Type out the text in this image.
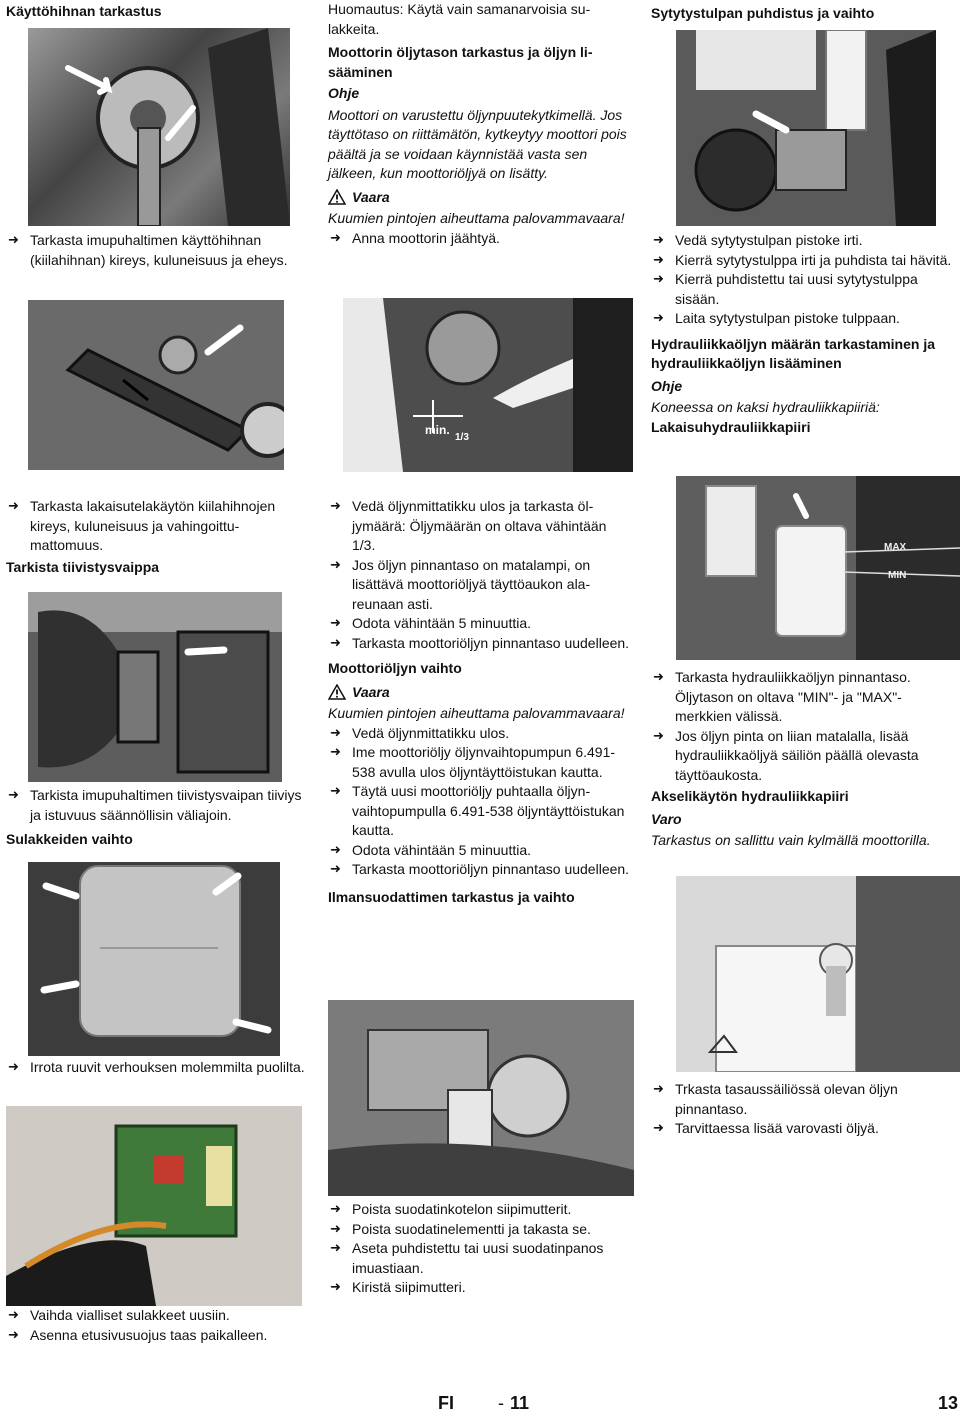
Käyttöhihnan tarkastus

➜ Tarkasta imupuhaltimen käyttöhihnan (kiilahihnan) kireys, kuluneisuus ja eheys.
➜ Tarkasta lakaisutelakäytön kiilahihnojen kireys, kuluneisuus ja vahingoittumattomuus.

Tarkista tiivistysvaippa

➜ Tarkista imupuhaltimen tiivistysvaipan tiiviys ja istuvuus säännöllisin väliajoin.

Sulakkeiden vaihto

➜ Irrota ruuvit verhouksen molemmilta puolilta.
➜ Vaihda vialliset sulakkeet uusiin.
➜ Asenna etusivusuojus taas paikalleen.

Huomautus: Käytä vain samanarvoisia sulakkeita.

Moottorin öljytason tarkastus ja öljyn lisääminen

Ohje

Moottori on varustettu öljynpuutekytkimellä. Jos täyttötaso on riittämätön, kytkeytyy moottori pois päältä ja se voidaan käynnistää vasta sen jälkeen, kun moottoriöljyä on lisätty.

Vaara

Kuumien pintojen aiheuttama palovammavaara!

➜ Anna moottorin jäähtyä.
min.
1/3
➜ Vedä öljynmittatikku ulos ja tarkasta öljymäärä: Öljymäärän on oltava vähintään 1/3.
➜ Jos öljyn pinnantaso on matalampi, on lisättävä moottoriöljyä täyttöaukon alareunaan asti.
➜ Odota vähintään 5 minuuttia.
➜ Tarkasta moottoriöljyn pinnantaso uudelleen.

Moottoriöljyn vaihto

Vaara

Kuumien pintojen aiheuttama palovammavaara!

➜ Vedä öljynmittatikku ulos.
➜ Ime moottoriöljy öljynvaihtopumpun 6.491-538 avulla ulos öljyntäyttöistukan kautta.
➜ Täytä uusi moottoriöljy puhtaalla öljynvaihtopumpulla 6.491-538 öljyntäyttöistukan kautta.
➜ Odota vähintään 5 minuuttia.
➜ Tarkasta moottoriöljyn pinnantaso uudelleen.

Ilmansuodattimen tarkastus ja vaihto

➜ Poista suodatinkotelon siipimutterit.
➜ Poista suodatinelementti ja takasta se.
➜ Aseta puhdistettu tai uusi suodatinpanos imuastiaan.
➜ Kiristä siipimutteri.

Sytytystulpan puhdistus ja vaihto

➜ Vedä sytytystulpan pistoke irti.
➜ Kierrä sytytystulppa irti ja puhdista tai hävitä.
➜ Kierrä puhdistettu tai uusi sytytystulppa sisään.
➜ Laita sytytystulpan pistoke tulppaan.

Hydrauliikkaöljyn määrän tarkastaminen ja hydrauliikkaöljyn lisääminen

Ohje

Koneessa on kaksi hydrauliikkapiiriä:

Lakaisuhydrauliikkapiiri

MAX
MIN
➜ Tarkasta hydrauliikkaöljyn pinnantaso. Öljytason on oltava "MIN"- ja "MAX"-merkkien välissä.
➜ Jos öljyn pinta on liian matalalla, lisää hydrauliikkaöljyä säiliön päällä olevasta täyttöaukosta.

Akselikäytön hydrauliikkapiiri

Varo

Tarkastus on sallittu vain kylmällä moottorilla.

➜ Trkasta tasaussäiliössä olevan öljyn pinnantaso.
➜ Tarvittaessa lisää varovasti öljyä.
FI - 11	13
